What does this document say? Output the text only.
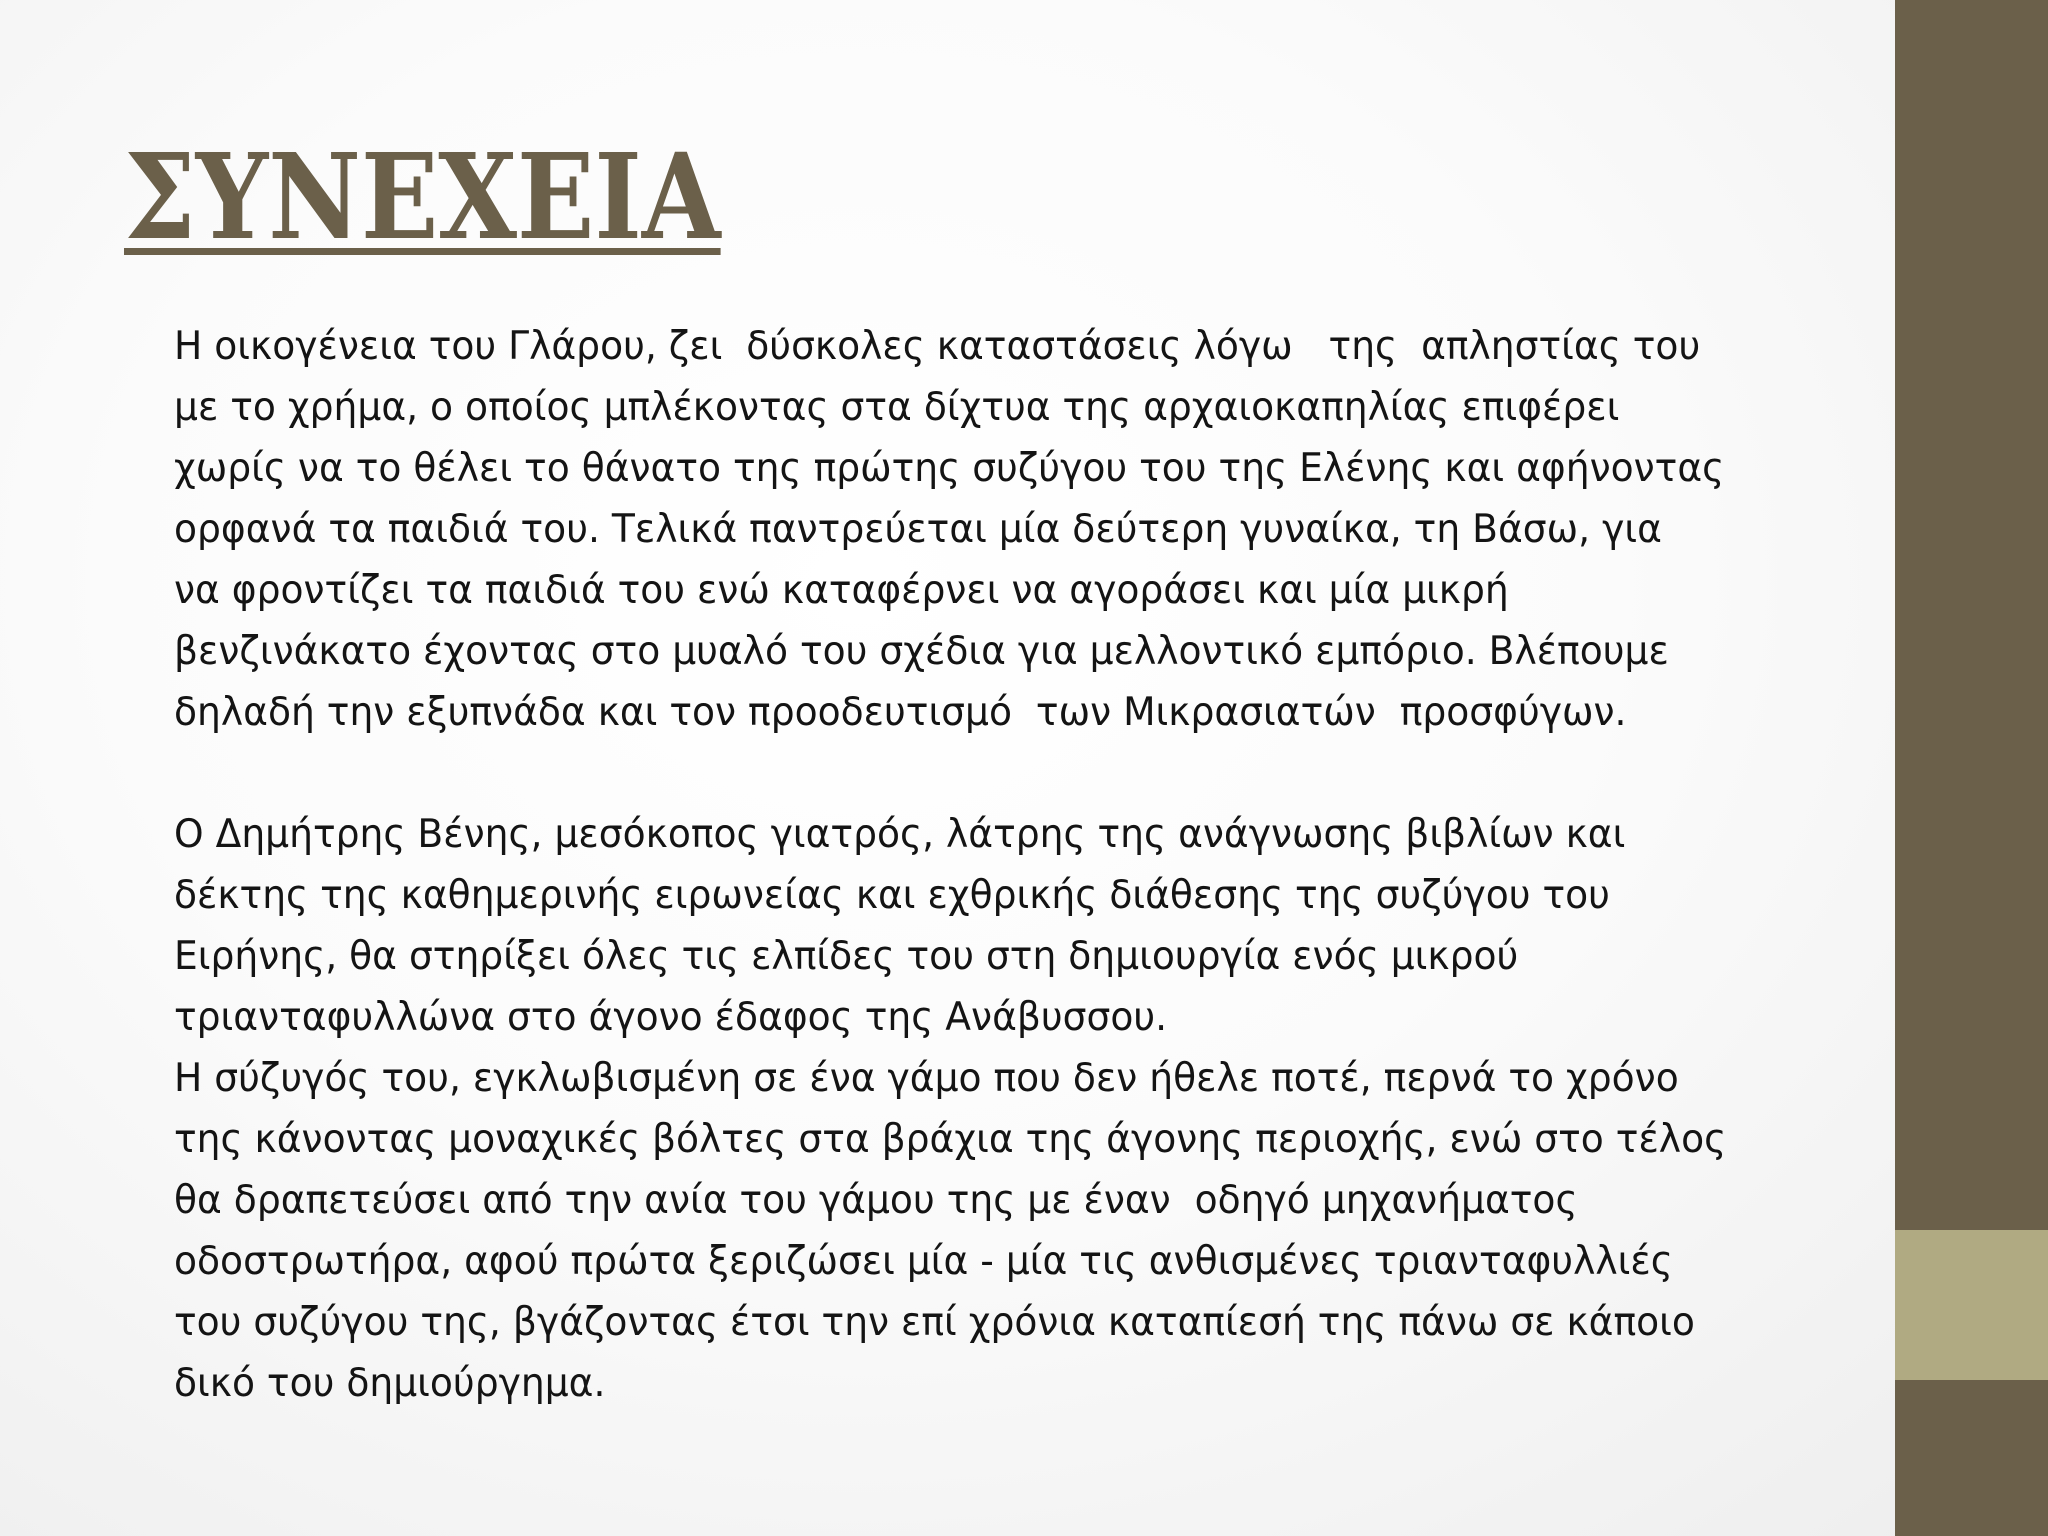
ΣΥΝΕΧΕΙΑ

Η οικογένεια του Γλάρου, ζει  δύσκολες καταστάσεις λόγω   της  απληστίας του
με το χρήμα, ο οποίος μπλέκοντας στα δίχτυα της αρχαιοκαπηλίας επιφέρει
χωρίς να το θέλει το θάνατο της πρώτης συζύγου του της Ελένης και αφήνοντας
ορφανά τα παιδιά του. Τελικά παντρεύεται μία δεύτερη γυναίκα, τη Βάσω, για
να φροντίζει τα παιδιά του ενώ καταφέρνει να αγοράσει και μία μικρή
βενζινάκατο έχοντας στο μυαλό του σχέδια για μελλοντικό εμπόριο. Βλέπουμε
δηλαδή την εξυπνάδα και τον προοδευτισμό  των Μικρασιατών  προσφύγων.

Ο Δημήτρης Βένης, μεσόκοπος γιατρός, λάτρης της ανάγνωσης βιβλίων και
δέκτης της καθημερινής ειρωνείας και εχθρικής διάθεσης της συζύγου του
Ειρήνης, θα στηρίξει όλες τις ελπίδες του στη δημιουργία ενός μικρού
τριανταφυλλώνα στο άγονο έδαφος της Ανάβυσσου.

Η σύζυγός του, εγκλωβισμένη σε ένα γάμο που δεν ήθελε ποτέ, περνά το χρόνο
της κάνοντας μοναχικές βόλτες στα βράχια της άγονης περιοχής, ενώ στο τέλος
θα δραπετεύσει από την ανία του γάμου της με έναν  οδηγό μηχανήματος
οδοστρωτήρα, αφού πρώτα ξεριζώσει μία - μία τις ανθισμένες τριανταφυλλιές
του συζύγου της, βγάζοντας έτσι την επί χρόνια καταπίεσή της πάνω σε κάποιο
δικό του δημιούργημα.
